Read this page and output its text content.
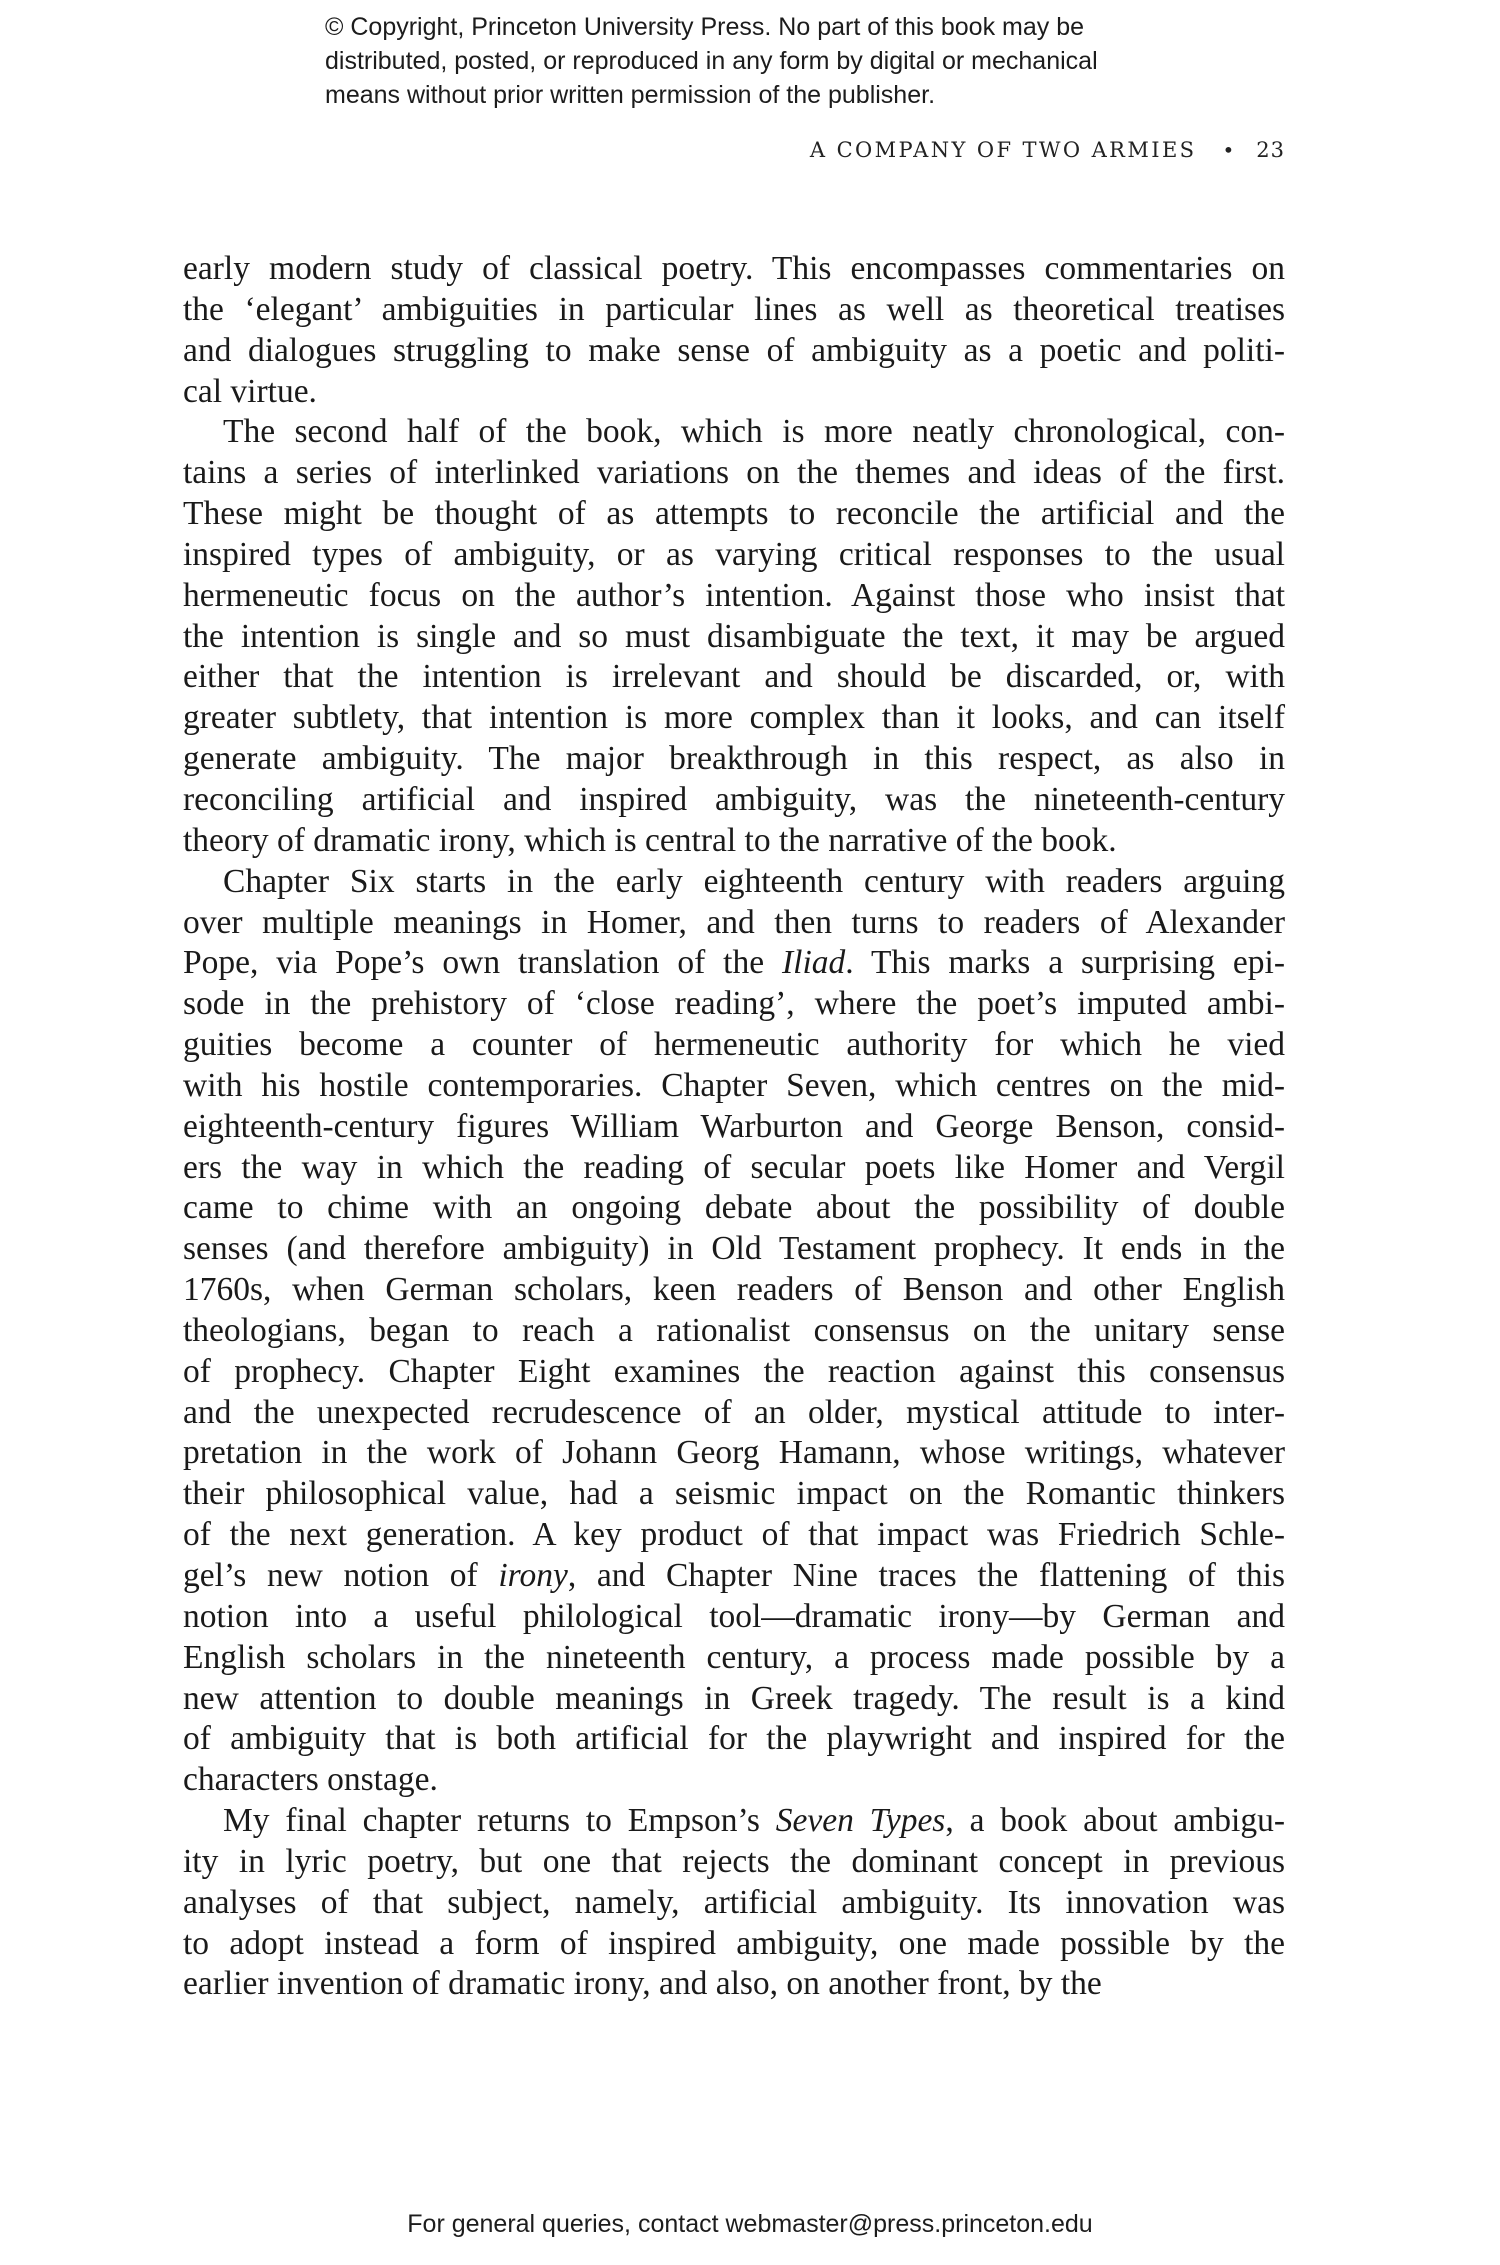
© Copyright, Princeton University Press. No part of this book may be
distributed, posted, or reproduced in any form by digital or mechanical
means without prior written permission of the publisher.
A COMPANY OF TWO ARMIES • 23
early modern study of classical poetry. This encompasses commentaries on
the ‘elegant’ ambiguities in particular lines as well as theoretical treatises
and dialogues struggling to make sense of ambiguity as a poetic and politi-
cal virtue.
The second half of the book, which is more neatly chronological, con-
tains a series of interlinked variations on the themes and ideas of the first.
These might be thought of as attempts to reconcile the artificial and the
inspired types of ambiguity, or as varying critical responses to the usual
hermeneutic focus on the author’s intention. Against those who insist that
the intention is single and so must disambiguate the text, it may be argued
either that the intention is irrelevant and should be discarded, or, with
greater subtlety, that intention is more complex than it looks, and can itself
generate ambiguity. The major breakthrough in this respect, as also in
reconciling artificial and inspired ambiguity, was the nineteenth-century
theory of dramatic irony, which is central to the narrative of the book.
Chapter Six starts in the early eighteenth century with readers arguing
over multiple meanings in Homer, and then turns to readers of Alexander
Pope, via Pope’s own translation of the Iliad. This marks a surprising epi-
sode in the prehistory of ‘close reading’, where the poet’s imputed ambi-
guities become a counter of hermeneutic authority for which he vied
with his hostile contemporaries. Chapter Seven, which centres on the mid-
eighteenth-century figures William Warburton and George Benson, consid-
ers the way in which the reading of secular poets like Homer and Vergil
came to chime with an ongoing debate about the possibility of double
senses (and therefore ambiguity) in Old Testament prophecy. It ends in the
1760s, when German scholars, keen readers of Benson and other English
theologians, began to reach a rationalist consensus on the unitary sense
of prophecy. Chapter Eight examines the reaction against this consensus
and the unexpected recrudescence of an older, mystical attitude to inter-
pretation in the work of Johann Georg Hamann, whose writings, whatever
their philosophical value, had a seismic impact on the Romantic thinkers
of the next generation. A key product of that impact was Friedrich Schle-
gel’s new notion of irony, and Chapter Nine traces the flattening of this
notion into a useful philological tool—dramatic irony—by German and
English scholars in the nineteenth century, a process made possible by a
new attention to double meanings in Greek tragedy. The result is a kind
of ambiguity that is both artificial for the playwright and inspired for the
characters onstage.
My final chapter returns to Empson’s Seven Types, a book about ambigu-
ity in lyric poetry, but one that rejects the dominant concept in previous
analyses of that subject, namely, artificial ambiguity. Its innovation was
to adopt instead a form of inspired ambiguity, one made possible by the
earlier invention of dramatic irony, and also, on another front, by the
For general queries, contact webmaster@press.princeton.edu
